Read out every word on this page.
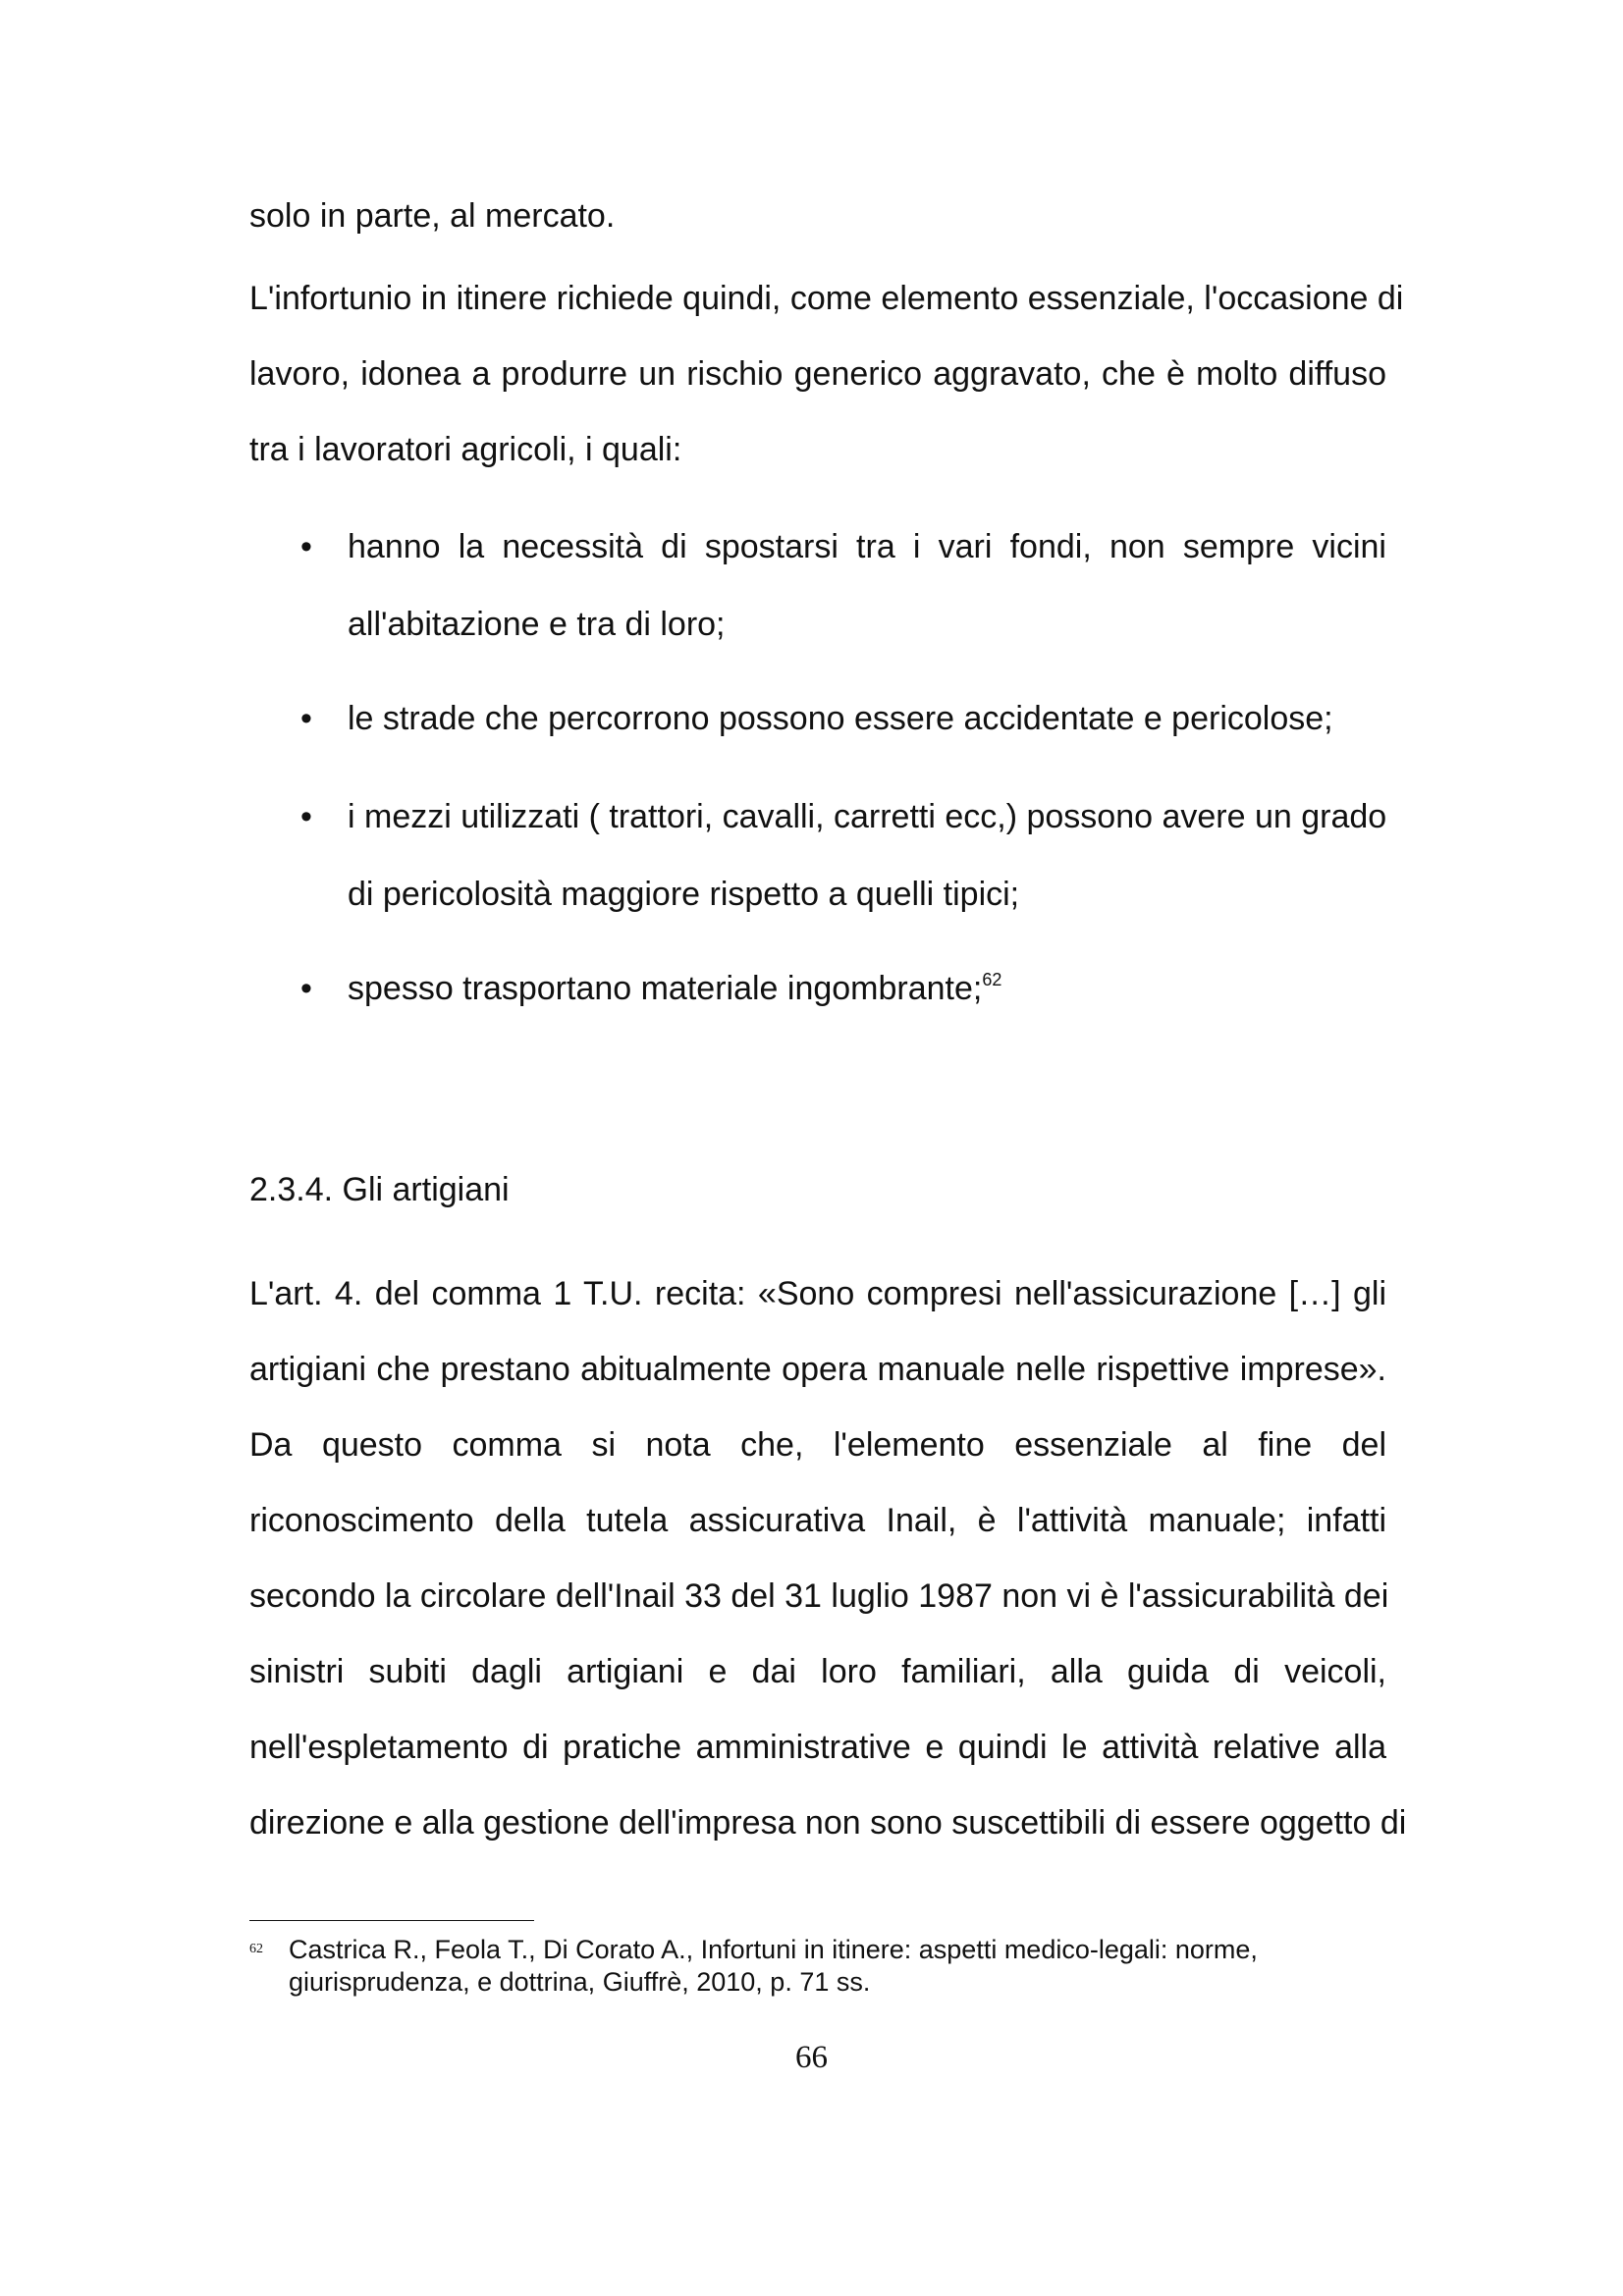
solo in parte, al mercato.
L'infortunio in itinere richiede quindi, come elemento essenziale, l'occasione di
lavoro, idonea a produrre un rischio generico aggravato, che è molto diffuso
tra i lavoratori agricoli, i quali:
• hanno la necessità di spostarsi tra i vari fondi, non sempre vicini
all'abitazione e tra di loro;
• le strade che percorrono possono essere accidentate e pericolose;
• i mezzi utilizzati ( trattori, cavalli, carretti ecc,) possono avere un grado
di pericolosità maggiore rispetto a quelli tipici;
• spesso trasportano materiale ingombrante;$^{62}$
2.3.4. Gli artigiani
L'art. 4. del comma 1 T.U. recita: «Sono compresi nell'assicurazione […] gli
artigiani che prestano abitualmente opera manuale nelle rispettive imprese».
Da questo comma si nota che, l'elemento essenziale al fine del
riconoscimento della tutela assicurativa Inail, è l'attività manuale; infatti
secondo la circolare dell'Inail 33 del 31 luglio 1987 non vi è l'assicurabilità dei
sinistri subiti dagli artigiani e dai loro familiari, alla guida di veicoli,
nell'espletamento di pratiche amministrative e quindi le attività relative alla
direzione e alla gestione dell'impresa non sono suscettibili di essere oggetto di
62 Castrica R., Feola T., Di Corato A., Infortuni in itinere: aspetti medico-legali: norme, giurisprudenza, e dottrina, Giuffrè, 2010, p. 71 ss.
66
